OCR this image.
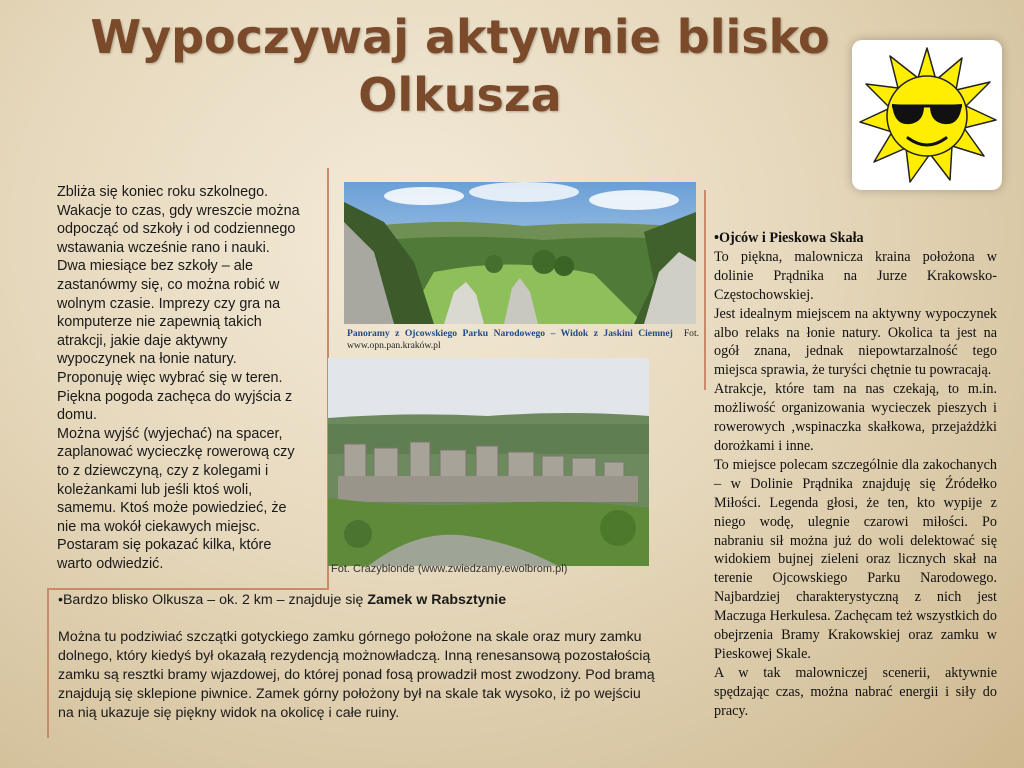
Wypoczywaj aktywnie blisko Olkusza

Zbliża się koniec roku szkolnego. Wakacje to czas, gdy wreszcie można odpocząć od szkoły i od codziennego wstawania wcześnie rano i nauki.

Dwa miesiące bez szkoły – ale zastanówmy się, co można robić w wolnym czasie. Imprezy czy gra na komputerze nie zapewnią takich atrakcji, jakie daje aktywny wypoczynek na łonie natury.

Proponuję więc wybrać się w teren. Piękna pogoda zachęca do wyjścia z domu.

Można wyjść (wyjechać) na spacer, zaplanować wycieczkę rowerową czy to z dziewczyną, czy z kolegami i koleżankami lub jeśli ktoś woli, samemu. Ktoś może powiedzieć, że nie ma wokół ciekawych miejsc. Postaram się pokazać kilka, które warto odwiedzić.

Panoramy z Ojcowskiego Parku Narodowego – Widok z Jaskini Ciemnej Fot. www.opn.pan.kraków.pl
Fot. Crazyblonde (www.zwiedzamy.ewolbrom.pl)

•Bardzo blisko Olkusza – ok. 2 km – znajduje się Zamek w Rabsztynie

Można tu podziwiać szczątki gotyckiego zamku górnego położone na skale oraz mury zamku dolnego, który kiedyś był okazałą rezydencją możnowładczą. Inną renesansową pozostałością zamku są resztki bramy wjazdowej, do której ponad fosą prowadził most zwodzony. Pod bramą znajdują się sklepione piwnice. Zamek górny położony był na skale tak wysoko, iż po wejściu na nią ukazuje się piękny widok na okolicę i całe ruiny.

•Ojców i Pieskowa Skała

To piękna, malownicza kraina położona w dolinie Prądnika na Jurze Krakowsko-Częstochowskiej.

Jest idealnym miejscem na aktywny wypoczynek albo relaks na łonie natury. Okolica ta jest na ogół znana, jednak niepowtarzalność tego miejsca sprawia, że turyści chętnie tu powracają.

Atrakcje, które tam na nas czekają, to m.in. możliwość organizowania wycieczek pieszych i rowerowych ,wspinaczka skałkowa, przejażdżki dorożkami i inne.

To miejsce polecam szczególnie dla zakochanych – w Dolinie Prądnika znajduję się Źródełko Miłości. Legenda głosi, że ten, kto wypije z niego wodę, ulegnie czarowi miłości. Po nabraniu sił można już do woli delektować się widokiem bujnej zieleni oraz licznych skał na terenie Ojcowskiego Parku Narodowego. Najbardziej charakterystyczną z nich jest Maczuga Herkulesa. Zachęcam też wszystkich do obejrzenia Bramy Krakowskiej oraz zamku w Pieskowej Skale.

A w tak malowniczej scenerii, aktywnie spędzając czas, można nabrać energii i siły do pracy.
